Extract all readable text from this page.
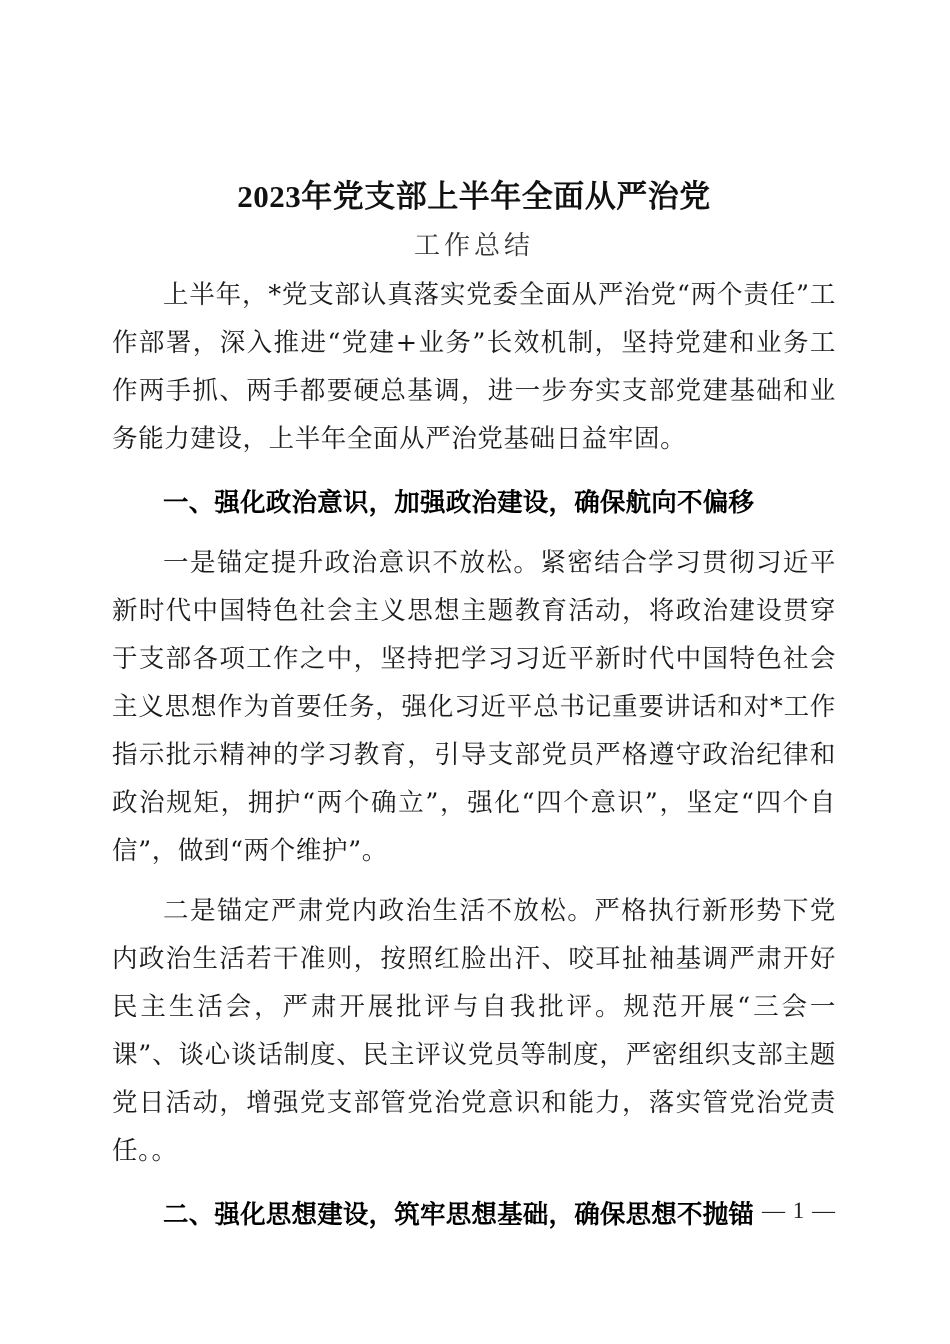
2023年党支部上半年全面从严治党
工作总结

上半年，*党支部认真落实党委全面从严治党“两个责任”工作部署，深入推进“党建+业务”长效机制，坚持党建和业务工作两手抓、两手都要硬总基调，进一步夯实支部党建基础和业务能力建设，上半年全面从严治党基础日益牢固。

一、强化政治意识，加强政治建设，确保航向不偏移

一是锚定提升政治意识不放松。紧密结合学习贯彻习近平新时代中国特色社会主义思想主题教育活动，将政治建设贯穿于支部各项工作之中，坚持把学习习近平新时代中国特色社会主义思想作为首要任务，强化习近平总书记重要讲话和对*工作指示批示精神的学习教育，引导支部党员严格遵守政治纪律和政治规矩，拥护“两个确立”，强化“四个意识”，坚定“四个自信”，做到“两个维护”。

二是锚定严肃党内政治生活不放松。严格执行新形势下党内政治生活若干准则，按照红脸出汗、咬耳扯袖基调严肃开好民主生活会，严肃开展批评与自我批评。规范开展“三会一课”、谈心谈话制度、民主评议党员等制度，严密组织支部主题党日活动，增强党支部管党治党意识和能力，落实管党治党责任。。

二、强化思想建设，筑牢思想基础，确保思想不抛锚 — 1 —
